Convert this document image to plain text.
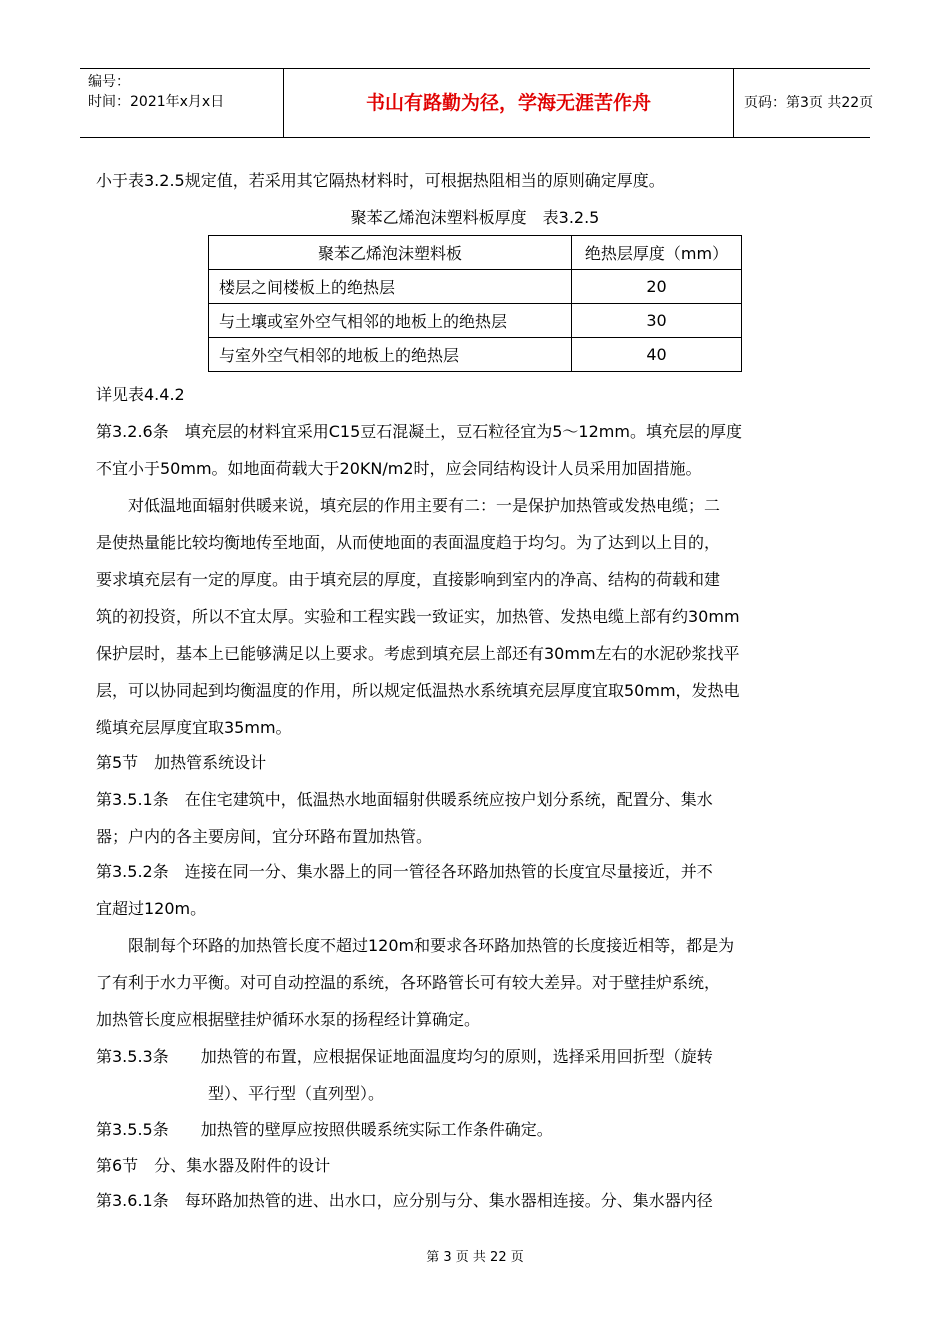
编号：
时间：2021年x月x日	书山有路勤为径，学海无涯苦作舟	页码：第3页 共22页
小于表3.2.5规定值，若采用其它隔热材料时，可根据热阻相当的原则确定厚度。
聚苯乙烯泡沫塑料板厚度　表3.2.5
聚苯乙烯泡沫塑料板	绝热层厚度（mm）
楼层之间楼板上的绝热层	20
与土壤或室外空气相邻的地板上的绝热层	30
与室外空气相邻的地板上的绝热层	40
详见表4.4.2
第3.2.6条　填充层的材料宜采用C15豆石混凝土，豆石粒径宜为5～12mm。填充层的厚度
不宜小于50mm。如地面荷载大于20KN/m2时，应会同结构设计人员采用加固措施。
　　对低温地面辐射供暖来说，填充层的作用主要有二：一是保护加热管或发热电缆；二
是使热量能比较均衡地传至地面，从而使地面的表面温度趋于均匀。为了达到以上目的，
要求填充层有一定的厚度。由于填充层的厚度，直接影响到室内的净高、结构的荷载和建
筑的初投资，所以不宜太厚。实验和工程实践一致证实，加热管、发热电缆上部有约30mm
保护层时，基本上已能够满足以上要求。考虑到填充层上部还有30mm左右的水泥砂浆找平
层，可以协同起到均衡温度的作用，所以规定低温热水系统填充层厚度宜取50mm，发热电
缆填充层厚度宜取35mm。
第5节　加热管系统设计
第3.5.1条　在住宅建筑中，低温热水地面辐射供暖系统应按户划分系统，配置分、集水
器；户内的各主要房间，宜分环路布置加热管。
第3.5.2条　连接在同一分、集水器上的同一管径各环路加热管的长度宜尽量接近，并不
宜超过120m。
　　限制每个环路的加热管长度不超过120m和要求各环路加热管的长度接近相等，都是为
了有利于水力平衡。对可自动控温的系统，各环路管长可有较大差异。对于壁挂炉系统，
加热管长度应根据壁挂炉循环水泵的扬程经计算确定。
第3.5.3条　　加热管的布置，应根据保证地面温度均匀的原则，选择采用回折型（旋转
　　　　　　　型）、平行型（直列型）。
第3.5.5条　　加热管的壁厚应按照供暖系统实际工作条件确定。
第6节　分、集水器及附件的设计
第3.6.1条　每环路加热管的进、出水口，应分别与分、集水器相连接。分、集水器内径
第 3 页 共 22 页
